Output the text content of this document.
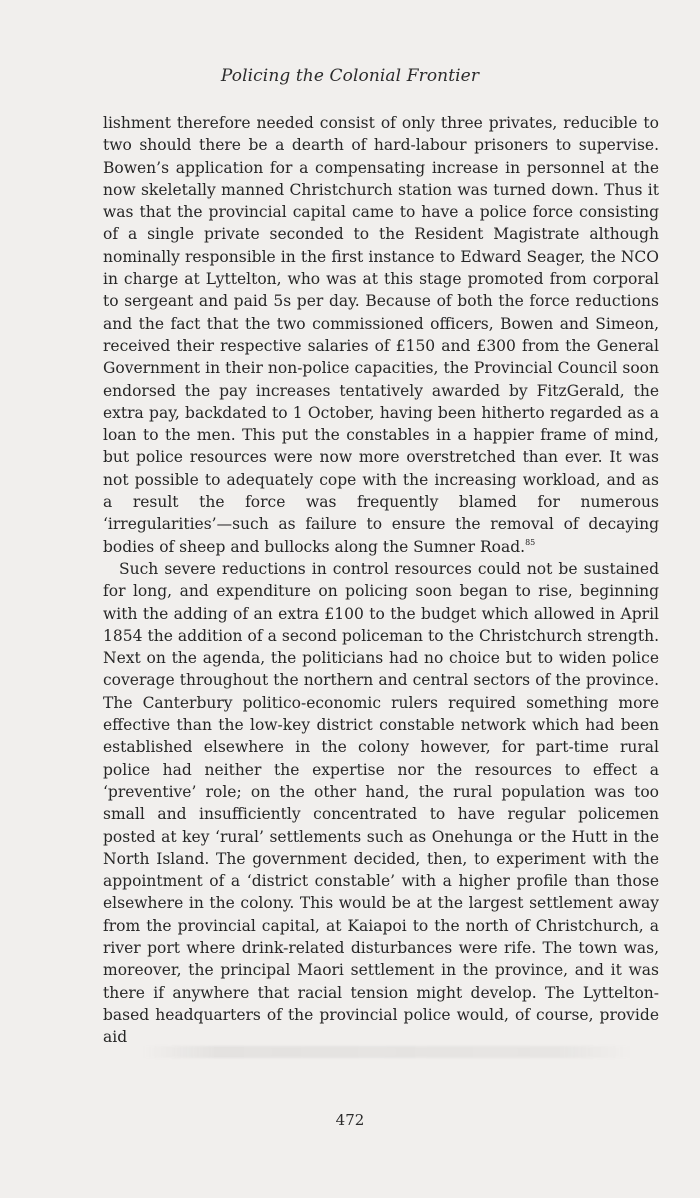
Policing the Colonial Frontier

lishment therefore needed consist of only three privates, reducible to two should there be a dearth of hard-labour prisoners to supervise. Bowen’s application for a compensating increase in personnel at the now skeletally manned Christchurch station was turned down. Thus it was that the provincial capital came to have a police force consisting of a single private seconded to the Resident Magistrate although nominally responsible in the first instance to Edward Seager, the NCO in charge at Lyttelton, who was at this stage promoted from corporal to sergeant and paid 5s per day. Because of both the force reductions and the fact that the two commissioned officers, Bowen and Simeon, received their respective salaries of £150 and £300 from the General Government in their non-police capacities, the Provincial Council soon endorsed the pay increases tentatively awarded by FitzGerald, the extra pay, backdated to 1 October, having been hitherto regarded as a loan to the men. This put the constables in a happier frame of mind, but police resources were now more overstretched than ever. It was not possible to adequately cope with the increasing workload, and as a result the force was frequently blamed for numerous ‘irregularities’—such as failure to ensure the removal of decaying bodies of sheep and bullocks along the Sumner Road.$^{85}$

Such severe reductions in control resources could not be sustained for long, and expenditure on policing soon began to rise, beginning with the adding of an extra £100 to the budget which allowed in April 1854 the addition of a second policeman to the Christchurch strength. Next on the agenda, the politicians had no choice but to widen police coverage throughout the northern and central sectors of the province. The Canterbury politico-economic rulers required something more effective than the low-key district constable network which had been established elsewhere in the colony however, for part-time rural police had neither the expertise nor the resources to effect a ‘preventive’ role; on the other hand, the rural population was too small and insufficiently concentrated to have regular policemen posted at key ‘rural’ settlements such as Onehunga or the Hutt in the North Island. The government decided, then, to experiment with the appointment of a ‘district constable’ with a higher profile than those elsewhere in the colony. This would be at the largest settlement away from the provincial capital, at Kaiapoi to the north of Christchurch, a river port where drink-related disturbances were rife. The town was, moreover, the principal Maori settlement in the province, and it was there if anywhere that racial tension might develop. The Lyttelton-based headquarters of the provincial police would, of course, provide aid

472
